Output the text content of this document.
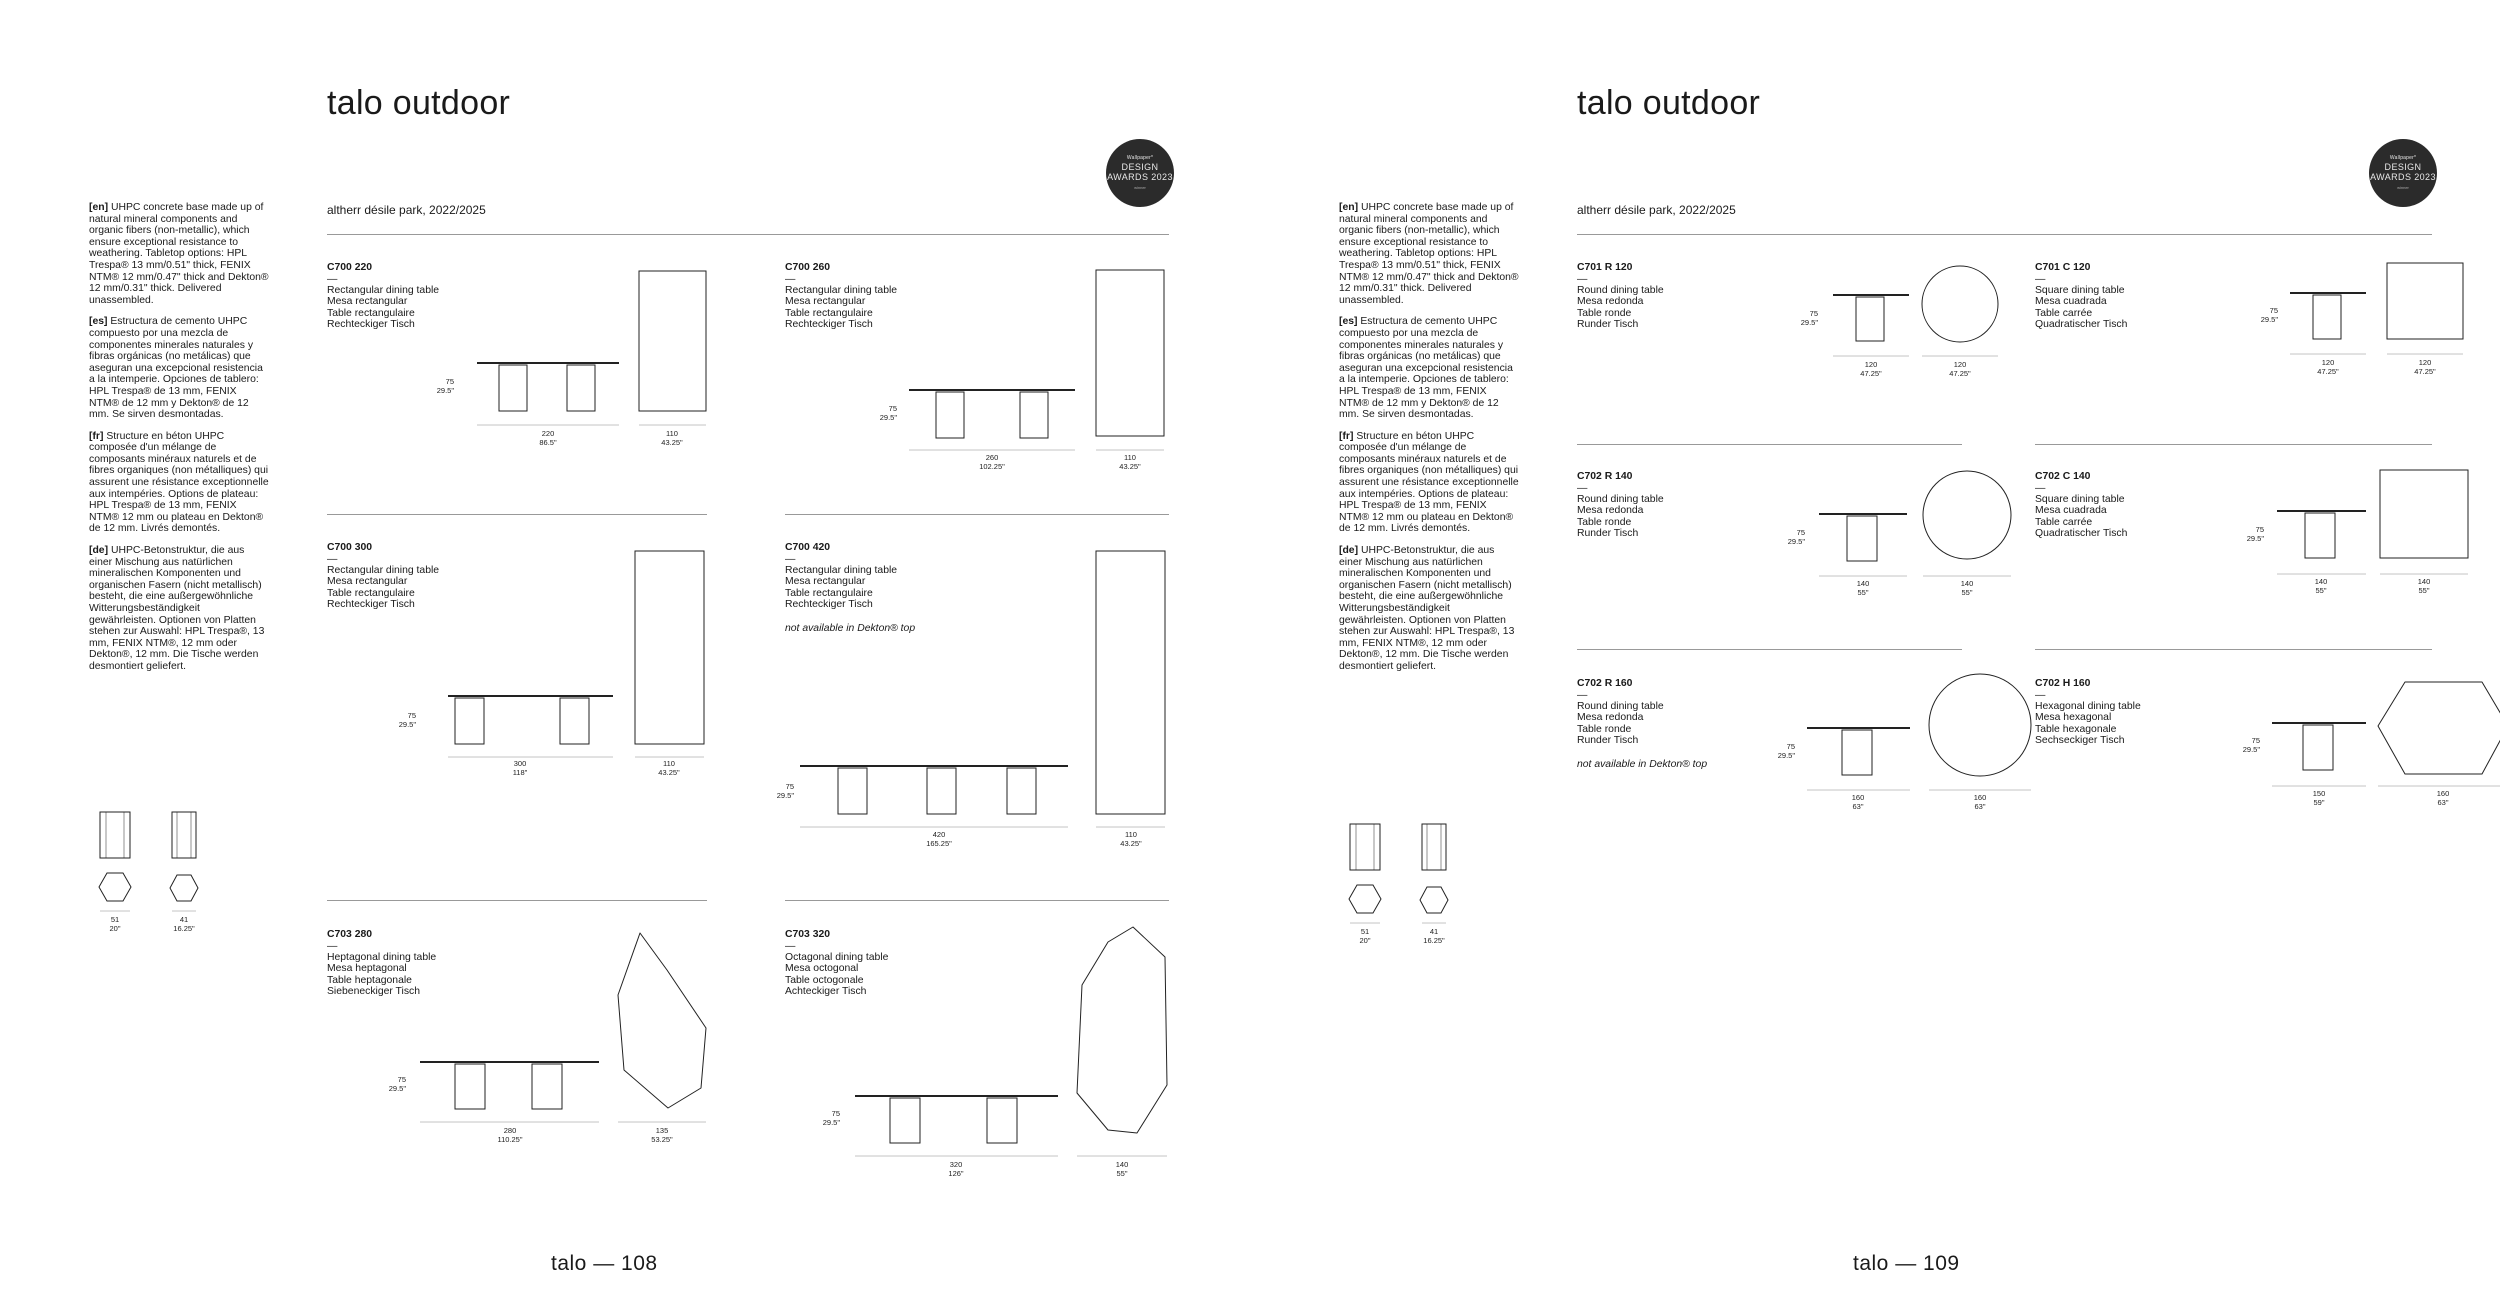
talo outdoor
Wallpaper*
DESIGN AWARDS 2023
winner
altherr désile park, 2022/2025

[en] UHPC concrete base made up of natural mineral components and organic fibers (non-metallic), which ensure exceptional resistance to weathering. Tabletop options: HPL Trespa® 13 mm/0.51" thick, FENIX NTM® 12 mm/0.47" thick and Dekton® 12 mm/0.31" thick. Delivered unassembled.

[es] Estructura de cemento UHPC compuesto por una mezcla de componentes minerales naturales y fibras orgánicas (no metálicas) que aseguran una excepcional resistencia a la intemperie. Opciones de tablero: HPL Trespa® de 13 mm, FENIX NTM® de 12 mm y Dekton® de 12 mm. Se sirven desmontadas.

[fr] Structure en béton UHPC composée d'un mélange de composants minéraux naturels et de fibres organiques (non métalliques) qui assurent une résistance exceptionnelle aux intempéries. Options de plateau: HPL Trespa® de 13 mm, FENIX NTM® 12 mm ou plateau en Dekton® de 12 mm. Livrés demontés.

[de] UHPC-Betonstruktur, die aus einer Mischung aus natürlichen mineralischen Komponenten und organischen Fasern (nicht metallisch) besteht, die eine außergewöhnliche Witterungsbeständigkeit gewährleisten. Optionen von Platten stehen zur Auswahl: HPL Trespa®, 13 mm, FENIX NTM®, 12 mm oder Dekton®, 12 mm. Die Tische werden desmontiert geliefert.

51
20"
41
16.25"
C700 220
—
Rectangular dining table
Mesa rectangular
Table rectangulaire
Rechteckiger Tisch
75
29.5"
220
86.5"
110
43.25"
C700 260
—
Rectangular dining table
Mesa rectangular
Table rectangulaire
Rechteckiger Tisch
75
29.5"
260
102.25"
110
43.25"
C700 300
—
Rectangular dining table
Mesa rectangular
Table rectangulaire
Rechteckiger Tisch
75
29.5"
300
118"
110
43.25"
C700 420
—
Rectangular dining table
Mesa rectangular
Table rectangulaire
Rechteckiger Tisch
not available in Dekton® top
75
29.5"
420
165.25"
110
43.25"
C703 280
—
Heptagonal dining table
Mesa heptagonal
Table heptagonale
Siebeneckiger Tisch
75
29.5"
280
110.25"
135
53.25"
C703 320
—
Octagonal dining table
Mesa octogonal
Table octogonale
Achteckiger Tisch
75
29.5"
320
126"
140
55"
talo — 108
talo outdoor
Wallpaper*
DESIGN AWARDS 2023
winner
altherr désile park, 2022/2025

[en] UHPC concrete base made up of natural mineral components and organic fibers (non-metallic), which ensure exceptional resistance to weathering. Tabletop options: HPL Trespa® 13 mm/0.51" thick, FENIX NTM® 12 mm/0.47" thick and Dekton® 12 mm/0.31" thick. Delivered unassembled.

[es] Estructura de cemento UHPC compuesto por una mezcla de componentes minerales naturales y fibras orgánicas (no metálicas) que aseguran una excepcional resistencia a la intemperie. Opciones de tablero: HPL Trespa® de 13 mm, FENIX NTM® de 12 mm y Dekton® de 12 mm. Se sirven desmontadas.

[fr] Structure en béton UHPC composée d'un mélange de composants minéraux naturels et de fibres organiques (non métalliques) qui assurent une résistance exceptionnelle aux intempéries. Options de plateau: HPL Trespa® de 13 mm, FENIX NTM® 12 mm ou plateau en Dekton® de 12 mm. Livrés demontés.

[de] UHPC-Betonstruktur, die aus einer Mischung aus natürlichen mineralischen Komponenten und organischen Fasern (nicht metallisch) besteht, die eine außergewöhnliche Witterungsbeständigkeit gewährleisten. Optionen von Platten stehen zur Auswahl: HPL Trespa®, 13 mm, FENIX NTM®, 12 mm oder Dekton®, 12 mm. Die Tische werden desmontiert geliefert.

51
20"
41
16.25"
C701 R 120
—
Round dining table
Mesa redonda
Table ronde
Runder Tisch
75
29.5"
120
47.25"
120
47.25"
C701 C 120
—
Square dining table
Mesa cuadrada
Table carrée
Quadratischer Tisch
75
29.5"
120
47.25"
120
47.25"
C702 R 140
—
Round dining table
Mesa redonda
Table ronde
Runder Tisch	75
29.5"
140
55"
140
55"
C702 C 140
—
Square dining table
Mesa cuadrada
Table carrée
Quadratischer Tisch	75
29.5"
140
55"
140
55"
C702 R 160
—
Round dining table
Mesa redonda
Table ronde
Runder Tisch
not available in Dekton® top
75
29.5"
160
63"
160
63"
C702 H 160
—
Hexagonal dining table
Mesa hexagonal
Table hexagonale
Sechseckiger Tisch	75
29.5"
150
59"
160
63"
talo — 109
